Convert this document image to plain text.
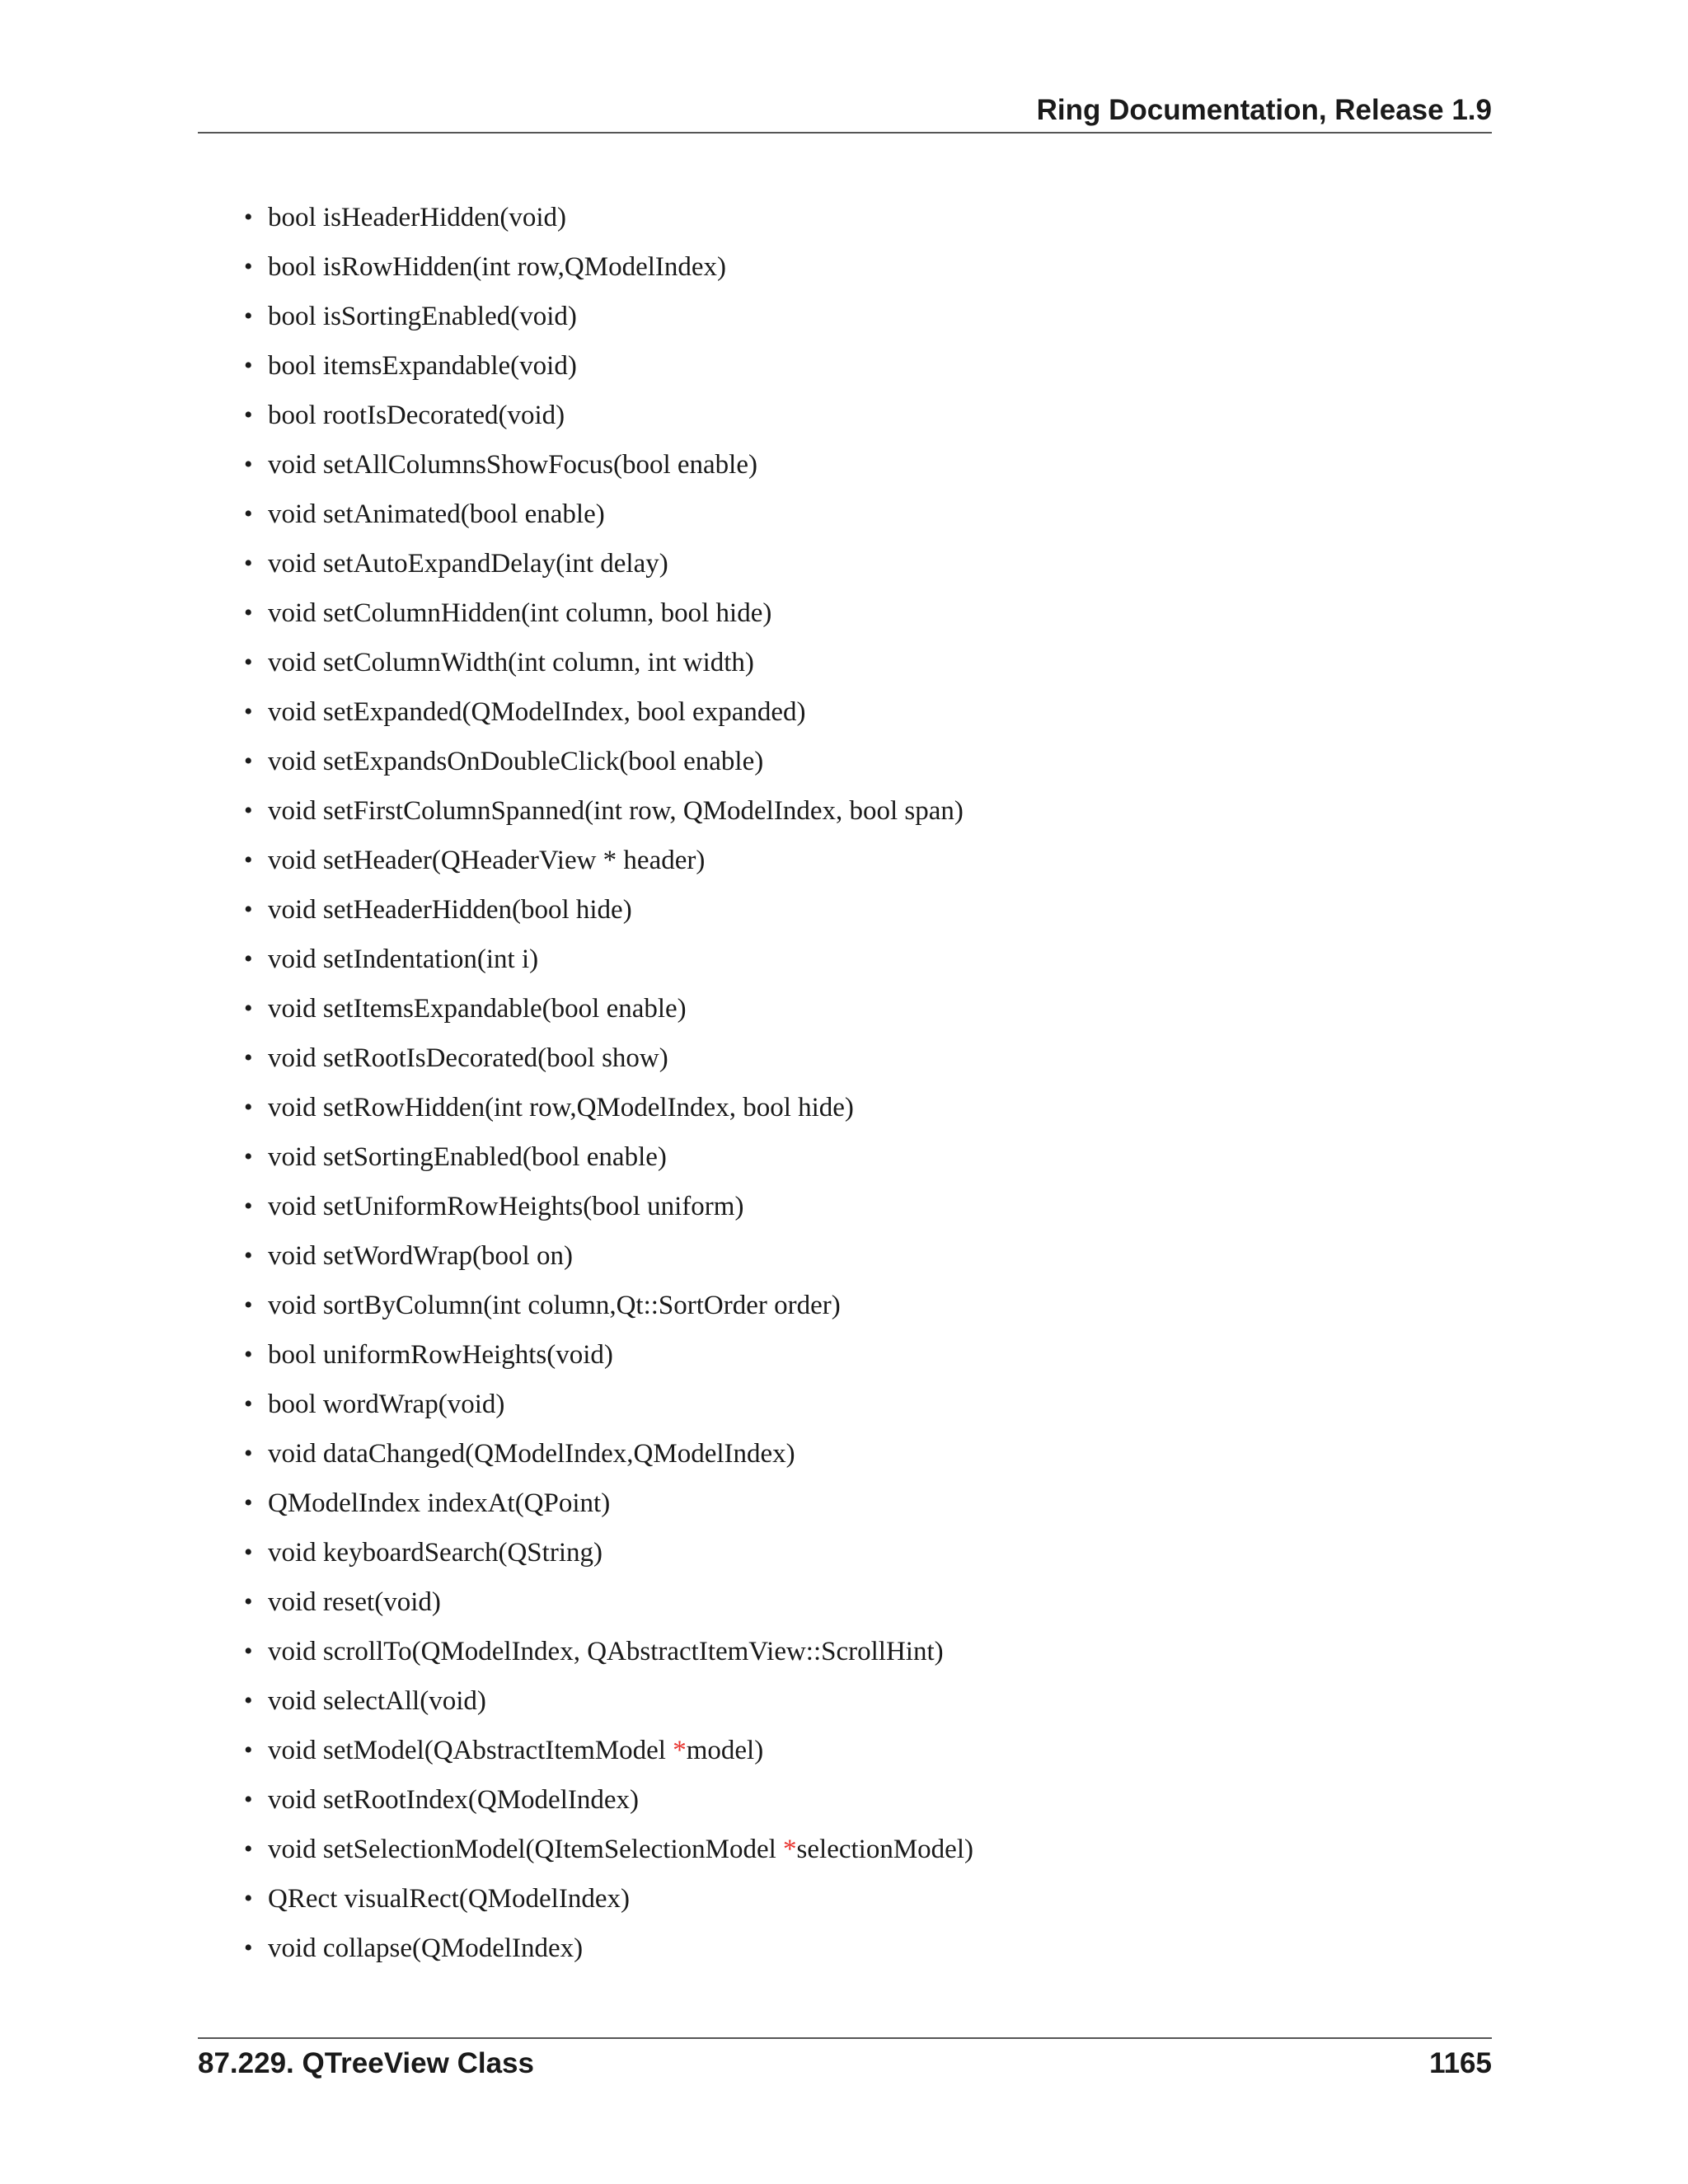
Ring Documentation, Release 1.9
• bool isHeaderHidden(void)
• bool isRowHidden(int row,QModelIndex)
• bool isSortingEnabled(void)
• bool itemsExpandable(void)
• bool rootIsDecorated(void)
• void setAllColumnsShowFocus(bool enable)
• void setAnimated(bool enable)
• void setAutoExpandDelay(int delay)
• void setColumnHidden(int column, bool hide)
• void setColumnWidth(int column, int width)
• void setExpanded(QModelIndex, bool expanded)
• void setExpandsOnDoubleClick(bool enable)
• void setFirstColumnSpanned(int row, QModelIndex, bool span)
• void setHeader(QHeaderView * header)
• void setHeaderHidden(bool hide)
• void setIndentation(int i)
• void setItemsExpandable(bool enable)
• void setRootIsDecorated(bool show)
• void setRowHidden(int row,QModelIndex, bool hide)
• void setSortingEnabled(bool enable)
• void setUniformRowHeights(bool uniform)
• void setWordWrap(bool on)
• void sortByColumn(int column,Qt::SortOrder order)
• bool uniformRowHeights(void)
• bool wordWrap(void)
• void dataChanged(QModelIndex,QModelIndex)
• QModelIndex indexAt(QPoint)
• void keyboardSearch(QString)
• void reset(void)
• void scrollTo(QModelIndex, QAbstractItemView::ScrollHint)
• void selectAll(void)
• void setModel(QAbstractItemModel *model)
• void setRootIndex(QModelIndex)
• void setSelectionModel(QItemSelectionModel *selectionModel)
• QRect visualRect(QModelIndex)
• void collapse(QModelIndex)
87.229. QTreeView Class	1165
